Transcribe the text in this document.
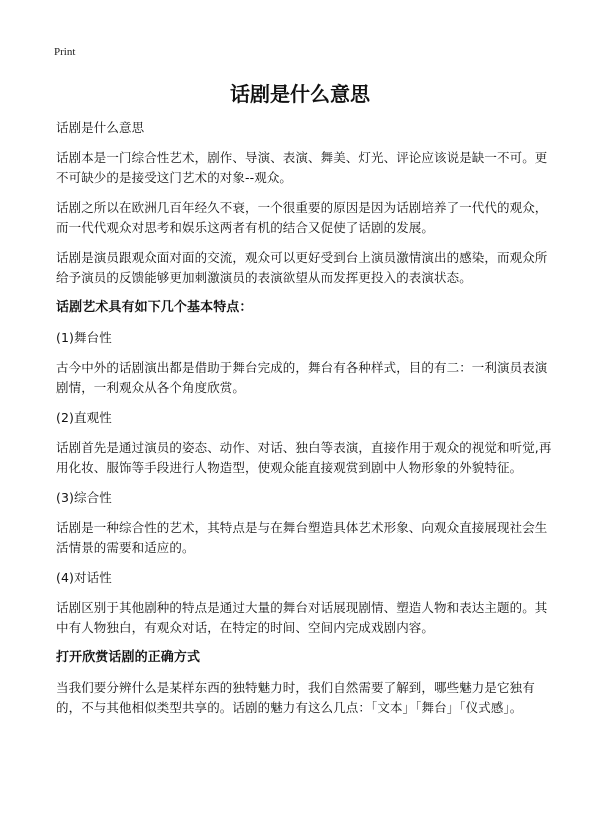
Print
话剧是什么意思

话剧是什么意思

话剧本是一门综合性艺术，剧作、导演、表演、舞美、灯光、评论应该说是缺一不可。更不可缺少的是接受这门艺术的对象--观众。

话剧之所以在欧洲几百年经久不衰，一个很重要的原因是因为话剧培养了一代代的观众，而一代代观众对思考和娱乐这两者有机的结合又促使了话剧的发展。

话剧是演员跟观众面对面的交流，观众可以更好受到台上演员激情演出的感染，而观众所给予演员的反馈能够更加刺激演员的表演欲望从而发挥更投入的表演状态。

话剧艺术具有如下几个基本特点：

(1)舞台性

古今中外的话剧演出都是借助于舞台完成的，舞台有各种样式，目的有二：一利演员表演剧情，一利观众从各个角度欣赏。

(2)直观性

话剧首先是通过演员的姿态、动作、对话、独白等表演，直接作用于观众的视觉和听觉,再用化妆、服饰等手段进行人物造型，使观众能直接观赏到剧中人物形象的外貌特征。

(3)综合性

话剧是一种综合性的艺术，其特点是与在舞台塑造具体艺术形象、向观众直接展现社会生活情景的需要和适应的。

(4)对话性

话剧区别于其他剧种的特点是通过大量的舞台对话展现剧情、塑造人物和表达主题的。其中有人物独白，有观众对话，在特定的时间、空间内完成戏剧内容。

打开欣赏话剧的正确方式

当我们要分辨什么是某样东西的独特魅力时，我们自然需要了解到，哪些魅力是它独有的，不与其他相似类型共享的。话剧的魅力有这么几点：「文本」「舞台」「仪式感」。
